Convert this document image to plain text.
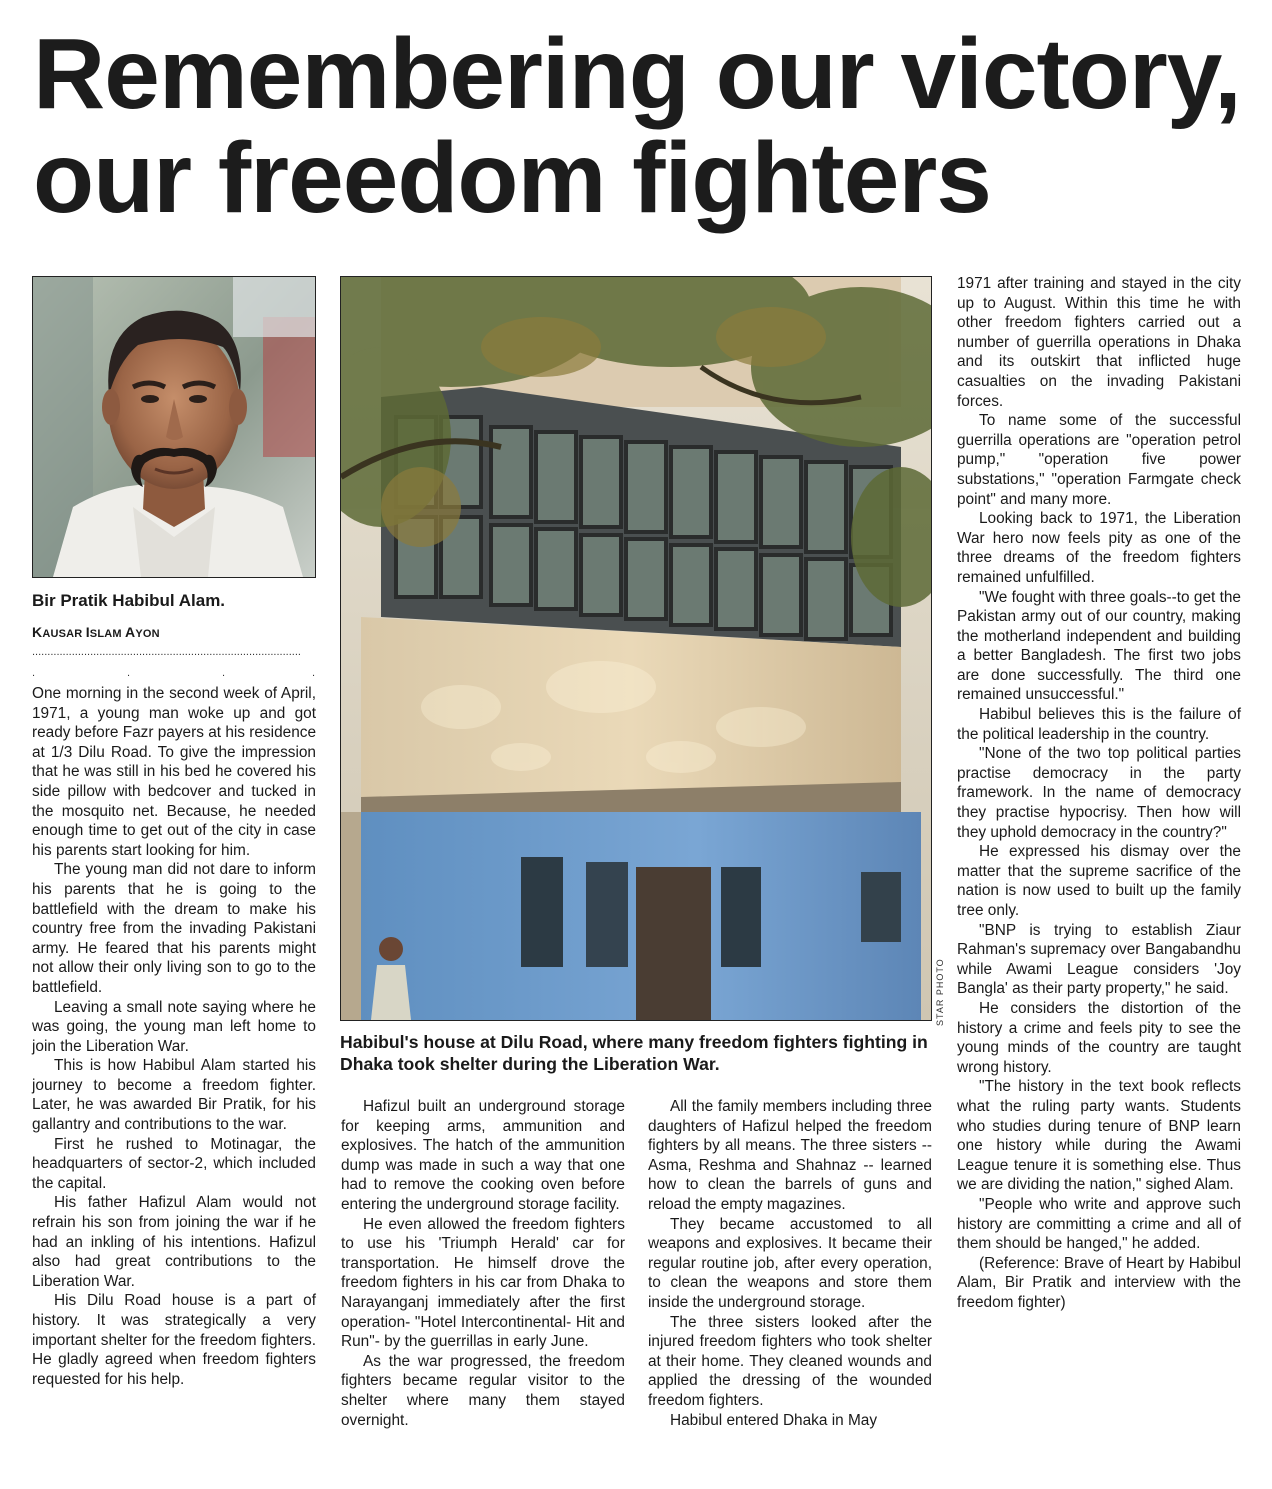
Remembering our victory,
our freedom fighters
Bir Pratik Habibul Alam.
KAUSAR ISLAM AYON
........................................................................................
.	.	.	.

One morning in the second week of April, 1971, a young man woke up and got ready before Fazr payers at his residence at 1/3 Dilu Road. To give the impression that he was still in his bed he covered his side pillow with bedcover and tucked in the mosquito net. Because, he needed enough time to get out of the city in case his parents start looking for him.

The young man did not dare to inform his parents that he is going to the battlefield with the dream to make his country free from the invading Pakistani army. He feared that his parents might not allow their only living son to go to the battlefield.

Leaving a small note saying where he was going, the young man left home to join the Liberation War.

This is how Habibul Alam started his journey to become a freedom fighter. Later, he was awarded Bir Pratik, for his gallantry and contributions to the war.

First he rushed to Motinagar, the headquarters of sector-2, which included the capital.

His father Hafizul Alam would not refrain his son from joining the war if he had an inkling of his intentions. Hafizul also had great contributions to the Liberation War.

His Dilu Road house is a part of history. It was strategically a very important shelter for the freedom fighters. He gladly agreed when freedom fighters requested for his help.

STAR PHOTO
Habibul's house at Dilu Road, where many freedom fighters fighting in Dhaka took shelter during the Liberation War.

Hafizul built an underground storage for keeping arms, ammunition and explosives. The hatch of the ammunition dump was made in such a way that one had to remove the cooking oven before entering the underground storage facility.

He even allowed the freedom fighters to use his 'Triumph Herald' car for transportation. He himself drove the freedom fighters in his car from Dhaka to Narayanganj immediately after the first operation- "Hotel Intercontinental- Hit and Run"- by the guerrillas in early June.

As the war progressed, the freedom fighters became regular visitor to the shelter where many them stayed overnight.

All the family members including three daughters of Hafizul helped the freedom fighters by all means. The three sisters -- Asma, Reshma and Shahnaz -- learned how to clean the barrels of guns and reload the empty magazines.

They became accustomed to all weapons and explosives. It became their regular routine job, after every operation, to clean the weapons and store them inside the underground storage.

The three sisters looked after the injured freedom fighters who took shelter at their home. They cleaned wounds and applied the dressing of the wounded freedom fighters.

Habibul entered Dhaka in May

1971 after training and stayed in the city up to August. Within this time he with other freedom fighters carried out a number of guerrilla operations in Dhaka and its outskirt that inflicted huge casualties on the invading Pakistani forces.

To name some of the successful guerrilla operations are "operation petrol pump," "operation five power substations," "operation Farmgate check point" and many more.

Looking back to 1971, the Liberation War hero now feels pity as one of the three dreams of the freedom fighters remained unfulfilled.

"We fought with three goals--to get the Pakistan army out of our country, making the motherland independent and building a better Bangladesh. The first two jobs are done successfully. The third one remained unsuccessful."

Habibul believes this is the failure of the political leadership in the country.

"None of the two top political parties practise democracy in the party framework. In the name of democracy they practise hypocrisy. Then how will they uphold democracy in the country?"

He expressed his dismay over the matter that the supreme sacrifice of the nation is now used to built up the family tree only.

"BNP is trying to establish Ziaur Rahman's supremacy over Bangabandhu while Awami League considers 'Joy Bangla' as their party property," he said.

He considers the distortion of the history a crime and feels pity to see the young minds of the country are taught wrong history.

"The history in the text book reflects what the ruling party wants. Students who studies during tenure of BNP learn one history while during the Awami League tenure it is something else. Thus we are dividing the nation," sighed Alam.

"People who write and approve such history are committing a crime and all of them should be hanged," he added.

(Reference: Brave of Heart by Habibul Alam, Bir Pratik and interview with the freedom fighter)
